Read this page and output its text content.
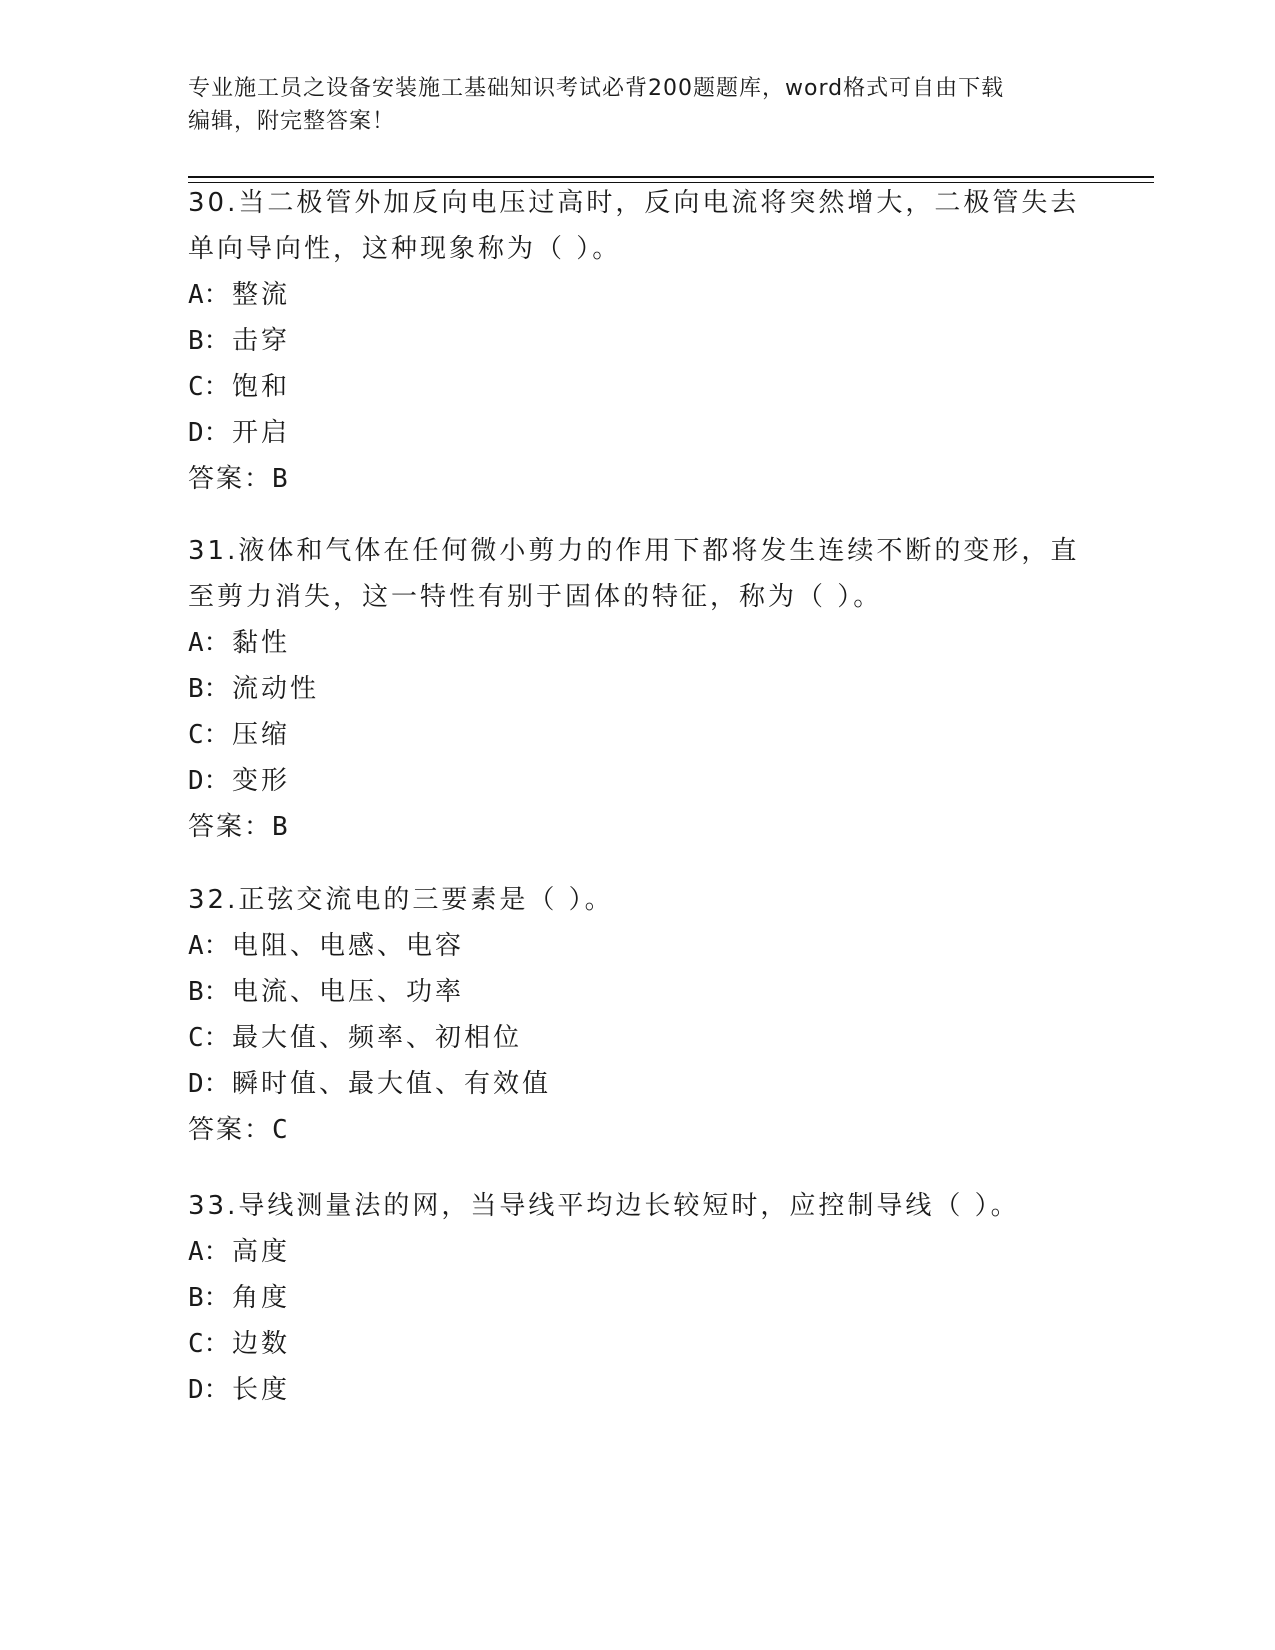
专业施工员之设备安装施工基础知识考试必背200题题库，word格式可自由下载
编辑，附完整答案！

30.当二极管外加反向电压过高时，反向电流将突然增大，二极管失去
单向导向性，这种现象称为（ ）。

A：整流

B：击穿

C：饱和

D：开启

答案：B

31.液体和气体在任何微小剪力的作用下都将发生连续不断的变形，直
至剪力消失，这一特性有别于固体的特征，称为（ ）。

A：黏性

B：流动性

C：压缩

D：变形

答案：B

32.正弦交流电的三要素是（ ）。

A：电阻、电感、电容

B：电流、电压、功率

C：最大值、频率、初相位

D：瞬时值、最大值、有效值

答案：C

33.导线测量法的网，当导线平均边长较短时，应控制导线（ ）。

A：高度

B：角度

C：边数

D：长度
